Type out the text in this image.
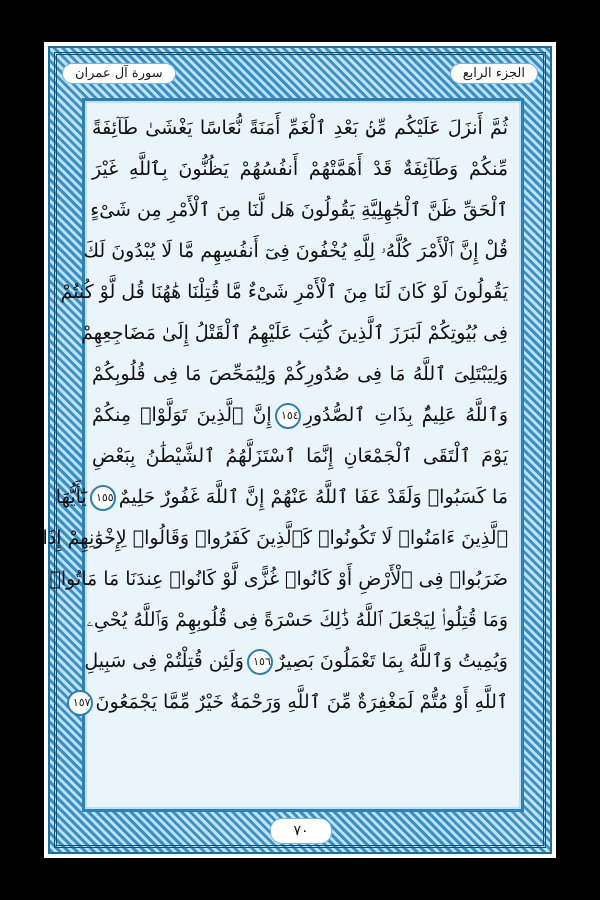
سورة آل عمران	الجزء الرابع
ثُمَّ أَنزَلَ عَلَيْكُم مِّنۢ بَعْدِ ٱلْغَمِّ أَمَنَةً نُّعَاسًا يَغْشَىٰ طَآئِفَةً
مِّنكُمْ وَطَآئِفَةٌ قَدْ أَهَمَّتْهُمْ أَنفُسُهُمْ يَظُنُّونَ بِٱللَّهِ غَيْرَ
ٱلْحَقِّ ظَنَّ ٱلْجَٰهِلِيَّةِ يَقُولُونَ هَل لَّنَا مِنَ ٱلْأَمْرِ مِن شَىْءٍ
قُلْ إِنَّ ٱلْأَمْرَ كُلَّهُۥ لِلَّهِ يُخْفُونَ فِىٓ أَنفُسِهِم مَّا لَا يُبْدُونَ لَكَ
يَقُولُونَ لَوْ كَانَ لَنَا مِنَ ٱلْأَمْرِ شَىْءٌ مَّا قُتِلْنَا هَٰهُنَا قُل لَّوْ كُنتُمْ
فِى بُيُوتِكُمْ لَبَرَزَ ٱلَّذِينَ كُتِبَ عَلَيْهِمُ ٱلْقَتْلُ إِلَىٰ مَضَاجِعِهِمْ
وَلِيَبْتَلِىَ ٱللَّهُ مَا فِى صُدُورِكُمْ وَلِيُمَحِّصَ مَا فِى قُلُوبِكُمْ
وَٱللَّهُ عَلِيمٌۢ بِذَاتِ ٱلصُّدُورِ١٥٤إِنَّ ٱلَّذِينَ تَوَلَّوْا۟ مِنكُمْ
يَوْمَ ٱلْتَقَى ٱلْجَمْعَانِ إِنَّمَا ٱسْتَزَلَّهُمُ ٱلشَّيْطَٰنُ بِبَعْضِ
مَا كَسَبُوا۟ وَلَقَدْ عَفَا ٱللَّهُ عَنْهُمْ إِنَّ ٱللَّهَ غَفُورٌ حَلِيمٌ١٥٥يَٰٓأَيُّهَا
ٱلَّذِينَ ءَامَنُوا۟ لَا تَكُونُوا۟ كَٱلَّذِينَ كَفَرُوا۟ وَقَالُوا۟ لِإِخْوَٰنِهِمْ إِذَا
ضَرَبُوا۟ فِى ٱلْأَرْضِ أَوْ كَانُوا۟ غُزًّى لَّوْ كَانُوا۟ عِندَنَا مَا مَاتُوا۟
وَمَا قُتِلُوا۟ لِيَجْعَلَ ٱللَّهُ ذَٰلِكَ حَسْرَةً فِى قُلُوبِهِمْ وَٱللَّهُ يُحْىِۦ
وَيُمِيتُ وَٱللَّهُ بِمَا تَعْمَلُونَ بَصِيرٌ١٥٦وَلَئِن قُتِلْتُمْ فِى سَبِيلِ
ٱللَّهِ أَوْ مُتُّمْ لَمَغْفِرَةٌ مِّنَ ٱللَّهِ وَرَحْمَةٌ خَيْرٌ مِّمَّا يَجْمَعُونَ١٥٧
٧٠
